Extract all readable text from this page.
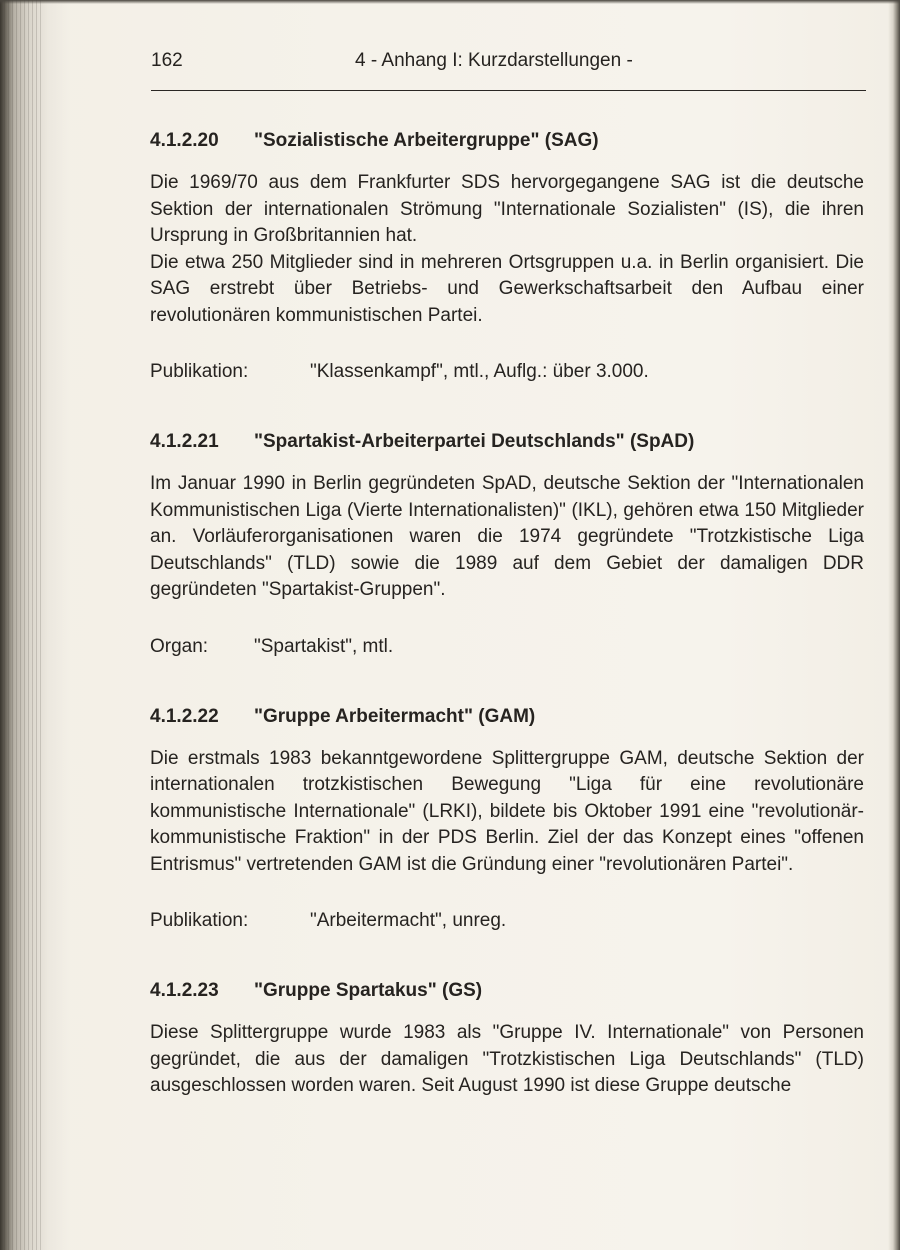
162	4 - Anhang I: Kurzdarstellungen -
4.1.2.20 "Sozialistische Arbeitergruppe" (SAG)

Die 1969/70 aus dem Frankfurter SDS hervorgegangene SAG ist die deutsche Sektion der internationalen Strömung "Internationale Sozialisten" (IS), die ihren Ursprung in Großbritannien hat.

Die etwa 250 Mitglieder sind in mehreren Ortsgruppen u.a. in Berlin organisiert. Die SAG erstrebt über Betriebs- und Gewerkschaftsarbeit den Aufbau einer revolutionären kommunistischen Partei.

Publikation:	"Klassenkampf", mtl., Auflg.: über 3.000.
4.1.2.21 "Spartakist-Arbeiterpartei Deutschlands" (SpAD)

Im Januar 1990 in Berlin gegründeten SpAD, deutsche Sektion der "Internationalen Kommunistischen Liga (Vierte Internationalisten)" (IKL), gehören etwa 150 Mitglieder an. Vorläuferorganisationen waren die 1974 gegründete "Trotzkistische Liga Deutschlands" (TLD) sowie die 1989 auf dem Gebiet der damaligen DDR gegründeten "Spartakist-Gruppen".

Organ: "Spartakist", mtl.
4.1.2.22 "Gruppe Arbeitermacht" (GAM)

Die erstmals 1983 bekanntgewordene Splittergruppe GAM, deutsche Sektion der internationalen trotzkistischen Bewegung "Liga für eine revolutionäre kommunistische Internationale" (LRKI), bildete bis Oktober 1991 eine "revolutionär-kommunistische Fraktion" in der PDS Berlin. Ziel der das Konzept eines "offenen Entrismus" vertretenden GAM ist die Gründung einer "revolutionären Partei".

Publikation:	"Arbeitermacht", unreg.
4.1.2.23 "Gruppe Spartakus" (GS)

Diese Splittergruppe wurde 1983 als "Gruppe IV. Internationale" von Personen gegründet, die aus der damaligen "Trotzkistischen Liga Deutschlands" (TLD) ausgeschlossen worden waren. Seit August 1990 ist diese Gruppe deutsche
